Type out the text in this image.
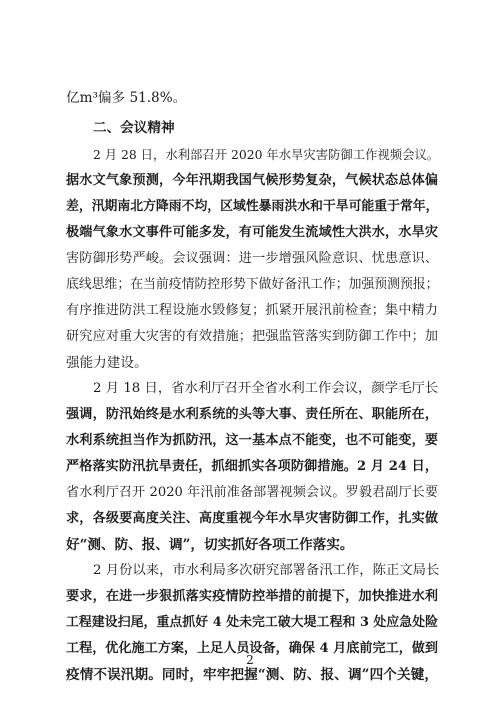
亿m³偏多 51.8%。
二、会议精神
2 月 28 日，水利部召开 2020 年水旱灾害防御工作视频会议。
据水文气象预测，今年汛期我国气候形势复杂，气候状态总体偏
差，汛期南北方降雨不均，区域性暴雨洪水和干旱可能重于常年，
极端气象水文事件可能多发，有可能发生流域性大洪水，水旱灾
害防御形势严峻。会议强调：进一步增强风险意识、忧患意识、
底线思维；在当前疫情防控形势下做好备汛工作；加强预测预报；
有序推进防洪工程设施水毁修复；抓紧开展汛前检查；集中精力
研究应对重大灾害的有效措施；把强监管落实到防御工作中；加
强能力建设。
2 月 18 日，省水利厅召开全省水利工作会议，颜学毛厅长
强调，防汛始终是水利系统的头等大事、责任所在、职能所在，
水利系统担当作为抓防汛，这一基本点不能变，也不可能变，要
严格落实防汛抗旱责任，抓细抓实各项防御措施。2 月 24 日，
省水利厅召开 2020 年汛前准备部署视频会议。罗毅君副厅长要
求，各级要高度关注、高度重视今年水旱灾害防御工作，扎实做
好“测、防、报、调”，切实抓好各项工作落实。
2 月份以来，市水利局多次研究部署备汛工作，陈正文局长
要求，在进一步狠抓落实疫情防控举措的前提下，加快推进水利
工程建设扫尾，重点抓好 4 处未完工破大堤工程和 3 处应急处险
工程，优化施工方案，上足人员设备，确保 4 月底前完工，做到
疫情不误汛期。同时，牢牢把握“测、防、报、调”四个关键，
2
